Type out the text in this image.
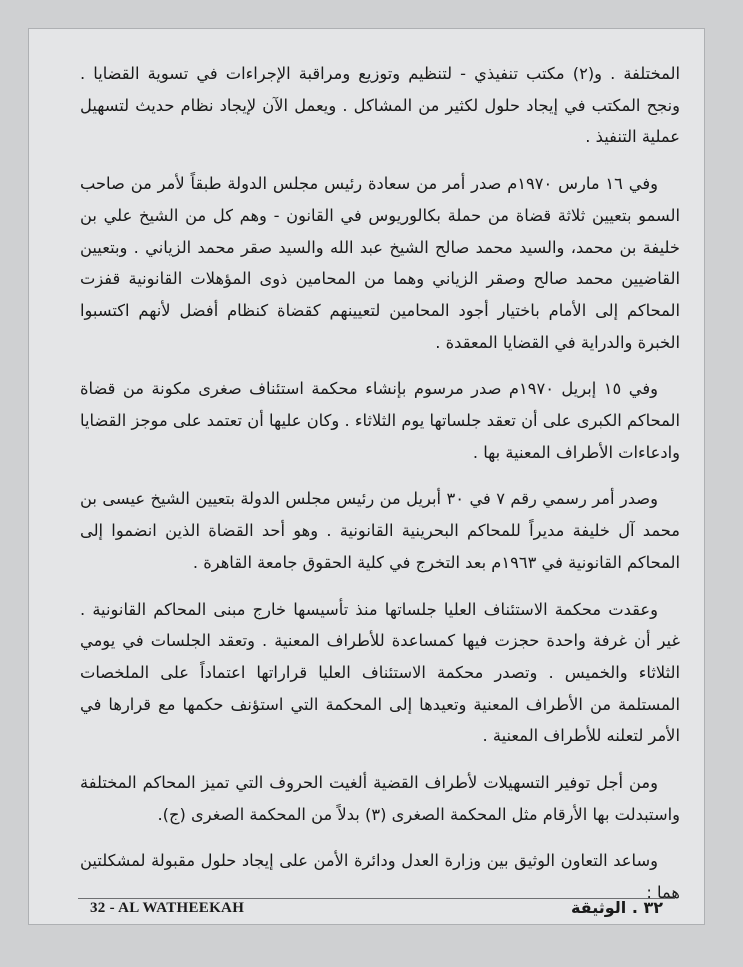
المختلفة . و(٢) مكتب تنفيذي - لتنظيم وتوزيع ومراقبة الإجراءات في تسوية القضايا . ونجح المكتب في إيجاد حلول لكثير من المشاكل . ويعمل الآن لإيجاد نظام حديث لتسهيل عملية التنفيذ .

وفي ١٦ مارس ١٩٧٠م صدر أمر من سعادة رئيس مجلس الدولة طبقاً لأمر من صاحب السمو بتعيين ثلاثة قضاة من حملة بكالوريوس في القانون - وهم كل من الشيخ علي بن خليفة بن محمد، والسيد محمد صالح الشيخ عبد الله والسيد صقر محمد الزياني . وبتعيين القاضيين محمد صالح وصقر الزياني وهما من المحامين ذوى المؤهلات القانونية قفزت المحاكم إلى الأمام باختيار أجود المحامين لتعيينهم كقضاة كنظام أفضل لأنهم اكتسبوا الخبرة والدراية في القضايا المعقدة .

وفي ١٥ إبريل ١٩٧٠م صدر مرسوم بإنشاء محكمة استئناف صغرى مكونة من قضاة المحاكم الكبرى على أن تعقد جلساتها يوم الثلاثاء . وكان عليها أن تعتمد على موجز القضايا وادعاءات الأطراف المعنية بها .

وصدر أمر رسمي رقم ٧ في ٣٠ أبريل من رئيس مجلس الدولة بتعيين الشيخ عيسى بن محمد آل خليفة مديراً للمحاكم البحرينية القانونية . وهو أحد القضاة الذين انضموا إلى المحاكم القانونية في ١٩٦٣م بعد التخرج في كلية الحقوق جامعة القاهرة .

وعقدت محكمة الاستئناف العليا جلساتها منذ تأسيسها خارج مبنى المحاكم القانونية . غير أن غرفة واحدة حجزت فيها كمساعدة للأطراف المعنية . وتعقد الجلسات في يومي الثلاثاء والخميس . وتصدر محكمة الاستئناف العليا قراراتها اعتماداً على الملخصات المستلمة من الأطراف المعنية وتعيدها إلى المحكمة التي استؤنف حكمها مع قرارها في الأمر لتعلنه للأطراف المعنية .

ومن أجل توفير التسهيلات لأطراف القضية ألغيت الحروف التي تميز المحاكم المختلفة واستبدلت بها الأرقام مثل المحكمة الصغرى (٣) بدلاً من المحكمة الصغرى (ج).

وساعد التعاون الوثيق بين وزارة العدل ودائرة الأمن على إيجاد حلول مقبولة لمشكلتين هما :

32 - AL WATHEEKAH	٣٢ . الوثيقة
